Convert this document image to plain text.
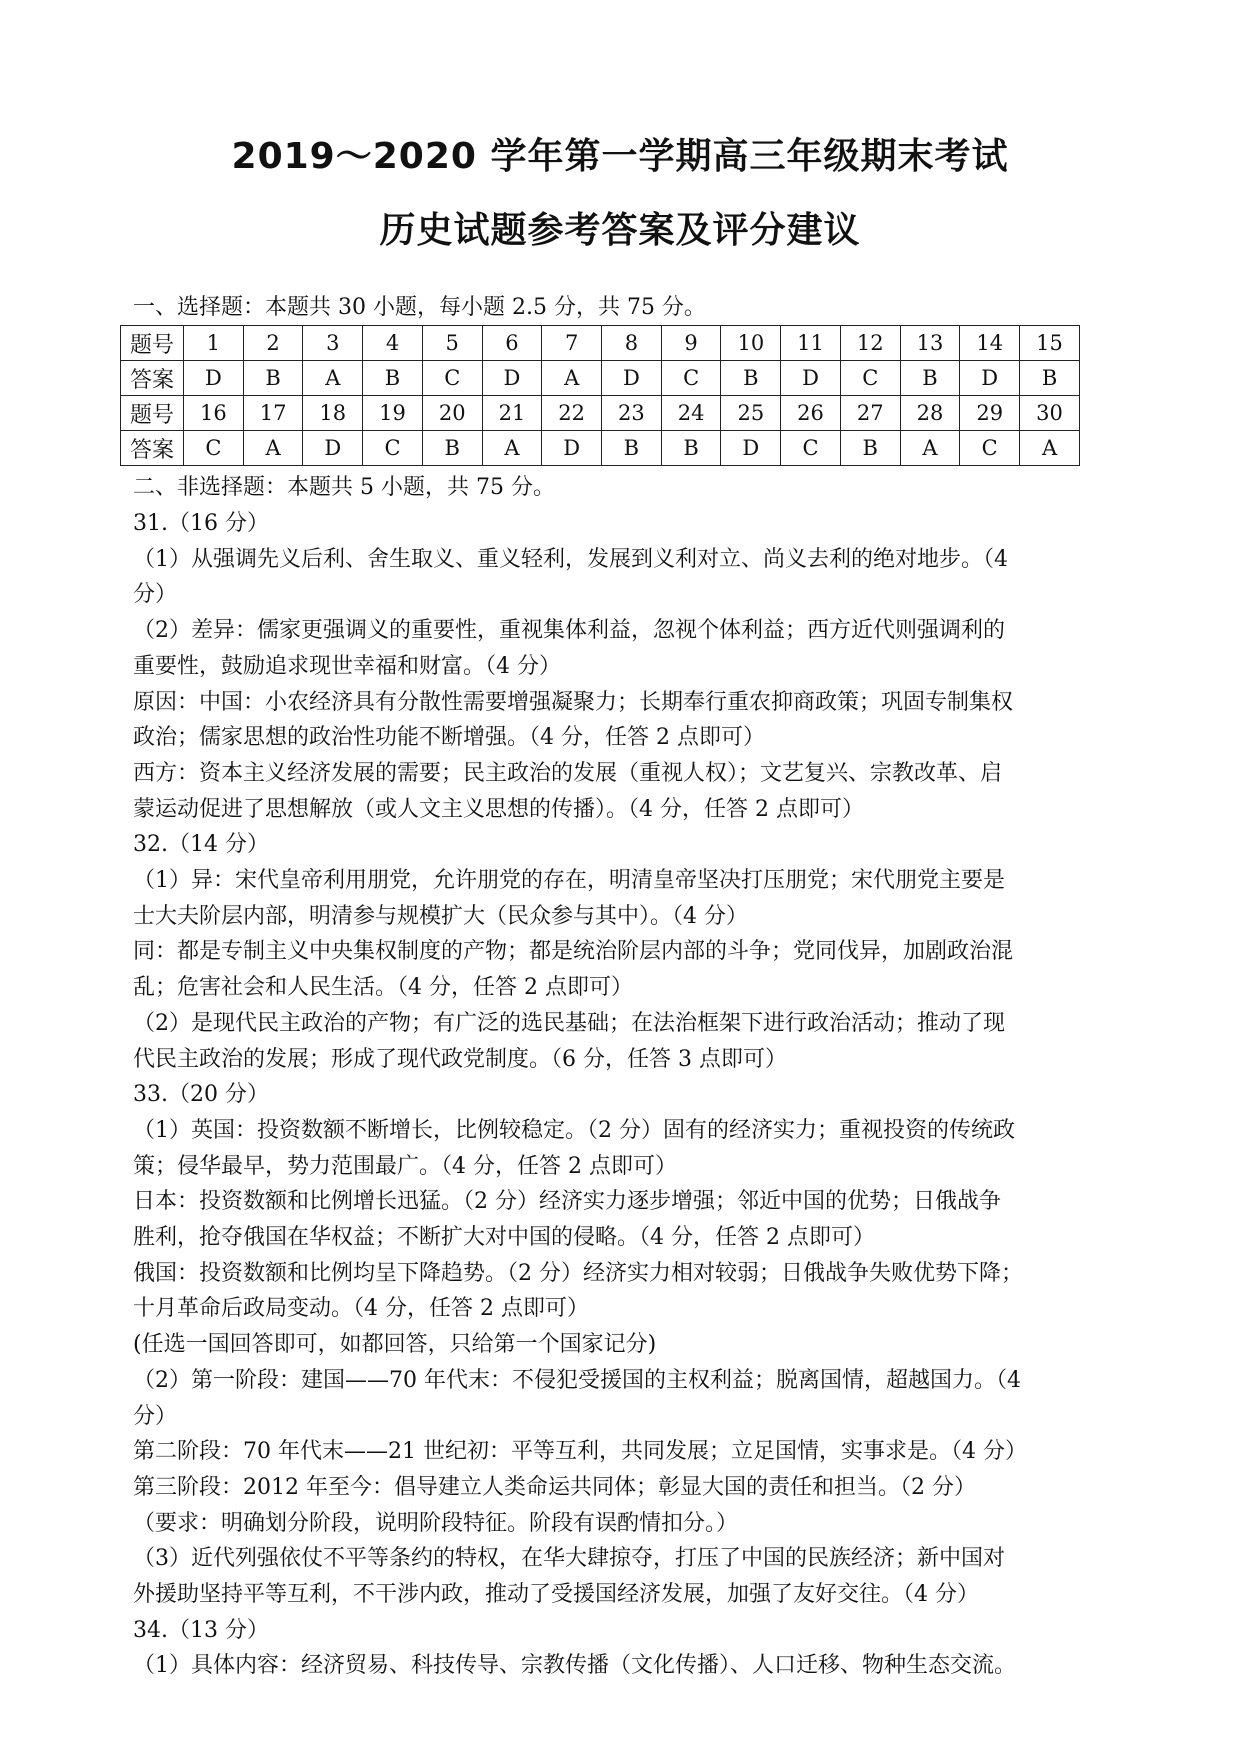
2019～2020 学年第一学期高三年级期末考试
历史试题参考答案及评分建议
一、选择题：本题共 30 小题，每小题 2.5 分，共 75 分。
题号	1	2	3	4	5	6	7	8	9	10	11	12	13	14	15
答案	D	B	A	B	C	D	A	D	C	B	D	C	B	D	B
题号	16	17	18	19	20	21	22	23	24	25	26	27	28	29	30
答案	C	A	D	C	B	A	D	B	B	D	C	B	A	C	A
二、非选择题：本题共 5 小题，共 75 分。
31.（16 分）
（1）从强调先义后利、舍生取义、重义轻利，发展到义利对立、尚义去利的绝对地步。（4
分）
（2）差异：儒家更强调义的重要性，重视集体利益，忽视个体利益；西方近代则强调利的
重要性，鼓励追求现世幸福和财富。（4 分）
原因：中国：小农经济具有分散性需要增强凝聚力；长期奉行重农抑商政策；巩固专制集权
政治；儒家思想的政治性功能不断增强。（4 分，任答 2 点即可）
西方：资本主义经济发展的需要；民主政治的发展（重视人权）；文艺复兴、宗教改革、启
蒙运动促进了思想解放（或人文主义思想的传播）。（4 分，任答 2 点即可）
32.（14 分）
（1）异：宋代皇帝利用朋党，允许朋党的存在，明清皇帝坚决打压朋党；宋代朋党主要是
士大夫阶层内部，明清参与规模扩大（民众参与其中）。（4 分）
同：都是专制主义中央集权制度的产物；都是统治阶层内部的斗争；党同伐异，加剧政治混
乱；危害社会和人民生活。（4 分，任答 2 点即可）
（2）是现代民主政治的产物；有广泛的选民基础；在法治框架下进行政治活动；推动了现
代民主政治的发展；形成了现代政党制度。（6 分，任答 3 点即可）
33.（20 分）
（1）英国：投资数额不断增长，比例较稳定。（2 分）固有的经济实力；重视投资的传统政
策；侵华最早，势力范围最广。（4 分，任答 2 点即可）
日本：投资数额和比例增长迅猛。（2 分）经济实力逐步增强；邻近中国的优势；日俄战争
胜利，抢夺俄国在华权益；不断扩大对中国的侵略。（4 分，任答 2 点即可）
俄国：投资数额和比例均呈下降趋势。（2 分）经济实力相对较弱；日俄战争失败优势下降；
十月革命后政局变动。（4 分，任答 2 点即可）
(任选一国回答即可，如都回答，只给第一个国家记分)
（2）第一阶段：建国——70 年代末：不侵犯受援国的主权利益；脱离国情，超越国力。（4
分）
第二阶段：70 年代末——21 世纪初：平等互利，共同发展；立足国情，实事求是。（4 分）
第三阶段：2012 年至今：倡导建立人类命运共同体；彰显大国的责任和担当。（2 分）
（要求：明确划分阶段，说明阶段特征。阶段有误酌情扣分。）
（3）近代列强依仗不平等条约的特权，在华大肆掠夺，打压了中国的民族经济；新中国对
外援助坚持平等互利，不干涉内政，推动了受援国经济发展，加强了友好交往。（4 分）
34.（13 分）
（1）具体内容：经济贸易、科技传导、宗教传播（文化传播）、人口迁移、物种生态交流。
